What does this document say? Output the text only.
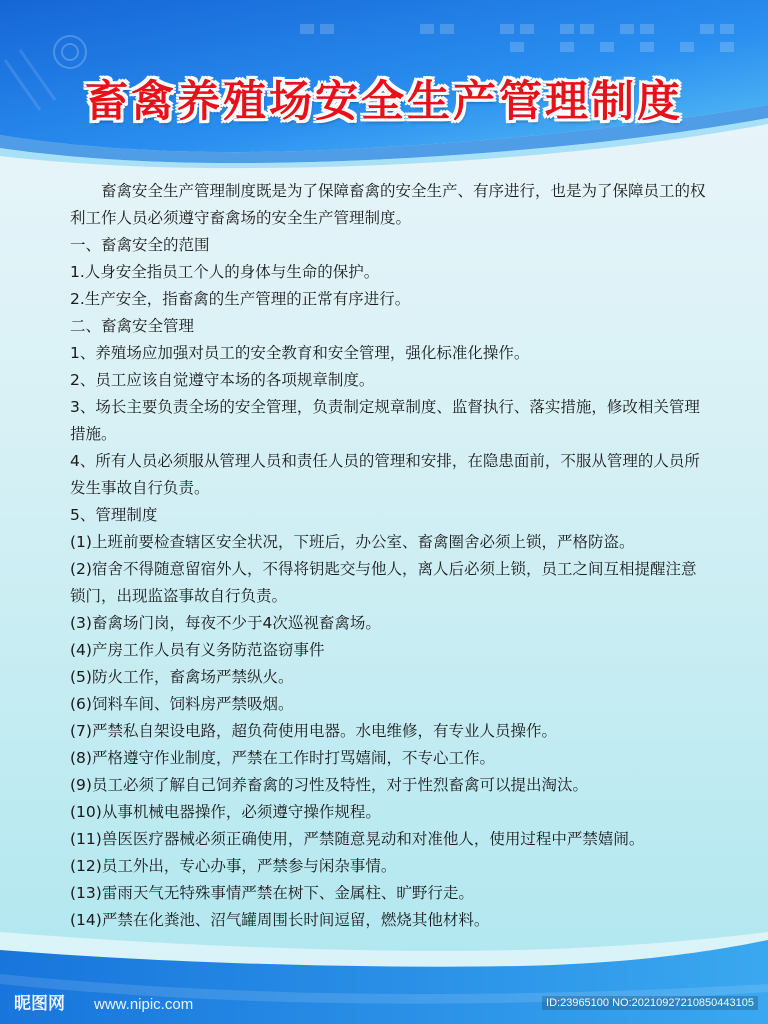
畜禽养殖场安全生产管理制度

畜禽安全生产管理制度既是为了保障畜禽的安全生产、有序进行，也是为了保障员工的权利工作人员必须遵守畜禽场的安全生产管理制度。

一、畜禽安全的范围

1.人身安全指员工个人的身体与生命的保护。

2.生产安全，指畜禽的生产管理的正常有序进行。

二、畜禽安全管理

1、养殖场应加强对员工的安全教育和安全管理，强化标准化操作。

2、员工应该自觉遵守本场的各项规章制度。

3、场长主要负责全场的安全管理，负责制定规章制度、监督执行、落实措施，修改相关管理措施。

4、所有人员必须服从管理人员和责任人员的管理和安排，在隐患面前，不服从管理的人员所发生事故自行负责。

5、管理制度

(1)上班前要检查辖区安全状况，下班后，办公室、畜禽圈舍必须上锁，严格防盗。

(2)宿舍不得随意留宿外人，不得将钥匙交与他人，离人后必须上锁，员工之间互相提醒注意锁门，出现监盗事故自行负责。

(3)畜禽场门岗，每夜不少于4次巡视畜禽场。

(4)产房工作人员有义务防范盗窃事件

(5)防火工作，畜禽场严禁纵火。

(6)饲料车间、饲料房严禁吸烟。

(7)严禁私自架设电路，超负荷使用电器。水电维修，有专业人员操作。

(8)严格遵守作业制度，严禁在工作时打骂嬉闹，不专心工作。

(9)员工必须了解自己饲养畜禽的习性及特性，对于性烈畜禽可以提出淘汰。

(10)从事机械电器操作，必须遵守操作规程。

(11)兽医医疗器械必须正确使用，严禁随意晃动和对准他人，使用过程中严禁嬉闹。

(12)员工外出，专心办事，严禁参与闲杂事情。

(13)雷雨天气无特殊事情严禁在树下、金属柱、旷野行走。

(14)严禁在化粪池、沼气罐周围长时间逗留，燃烧其他材料。

昵图网 www.nipic.com	ID:23965100 NO:20210927210850443105
